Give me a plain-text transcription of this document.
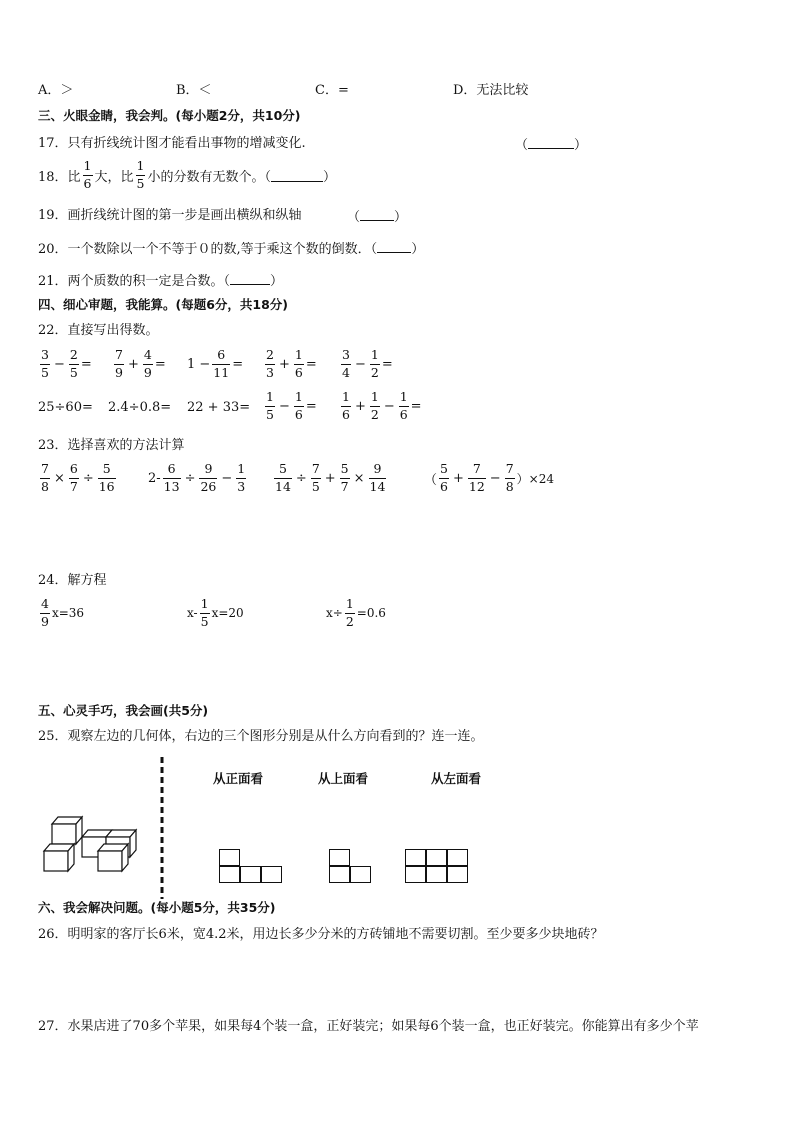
A．＞	B．＜	C．=	D．无法比较
三、火眼金睛，我会判。(每小题2分，共10分)
17．只有折线统计图才能看出事物的增减变化.	（	）
18．比 $\frac{1}{6}$ 大，比 $\frac{1}{5}$ 小的分数有无数个。（	）
19．画折线统计图的第一步是画出横纵和纵轴	（	）
20．一个数除以一个不等于０的数,等于乘这个数的倒数．（	）
21．两个质数的积一定是合数。（	）
四、细心审题，我能算。(每题6分，共18分)
22．直接写出得数。
$\frac{3}{5} - \frac{2}{5} = \frac{7}{9} + \frac{4}{9} = 1 - \frac{6}{11} = \frac{2}{3} + \frac{1}{6} = \frac{3}{4} - \frac{1}{2}$ =
$25\div 60= 2.4\div 0.8= 22 + 33= \frac{1}{5} - \frac{1}{6} = \frac{1}{6} + \frac{1}{2} - \frac{1}{6}$ =
23．选择喜欢的方法计算
$\frac{7}{8} \times \frac{6}{7} \div \frac{5}{16} 2- \frac{6}{13} \div \frac{9}{26} - \frac{1}{3} \frac{5}{14} \div \frac{7}{5} + \frac{5}{7} \times \frac{9}{14}$	（ $\frac{5}{6} + \frac{7}{12} - \frac{7}{8} )\times 24$
24．解方程
$\frac{4}{9} x=36$	$x- \frac{1}{5} x=20$	$x\div \frac{1}{2} =0.6$
五、心灵手巧，我会画(共5分)
25．观察左边的几何体，右边的三个图形分别是从什么方向看到的？连一连。
从正面看	从上面看	从左面看
六、我会解决问题。(每小题5分，共35分)
26．明明家的客厅长6米，宽4.2米，用边长多少分米的方砖铺地不需要切割。至少要多少块地砖？
27．水果店进了70多个苹果，如果每4个装一盒，正好装完；如果每6个装一盒，也正好装完。你能算出有多少个苹
